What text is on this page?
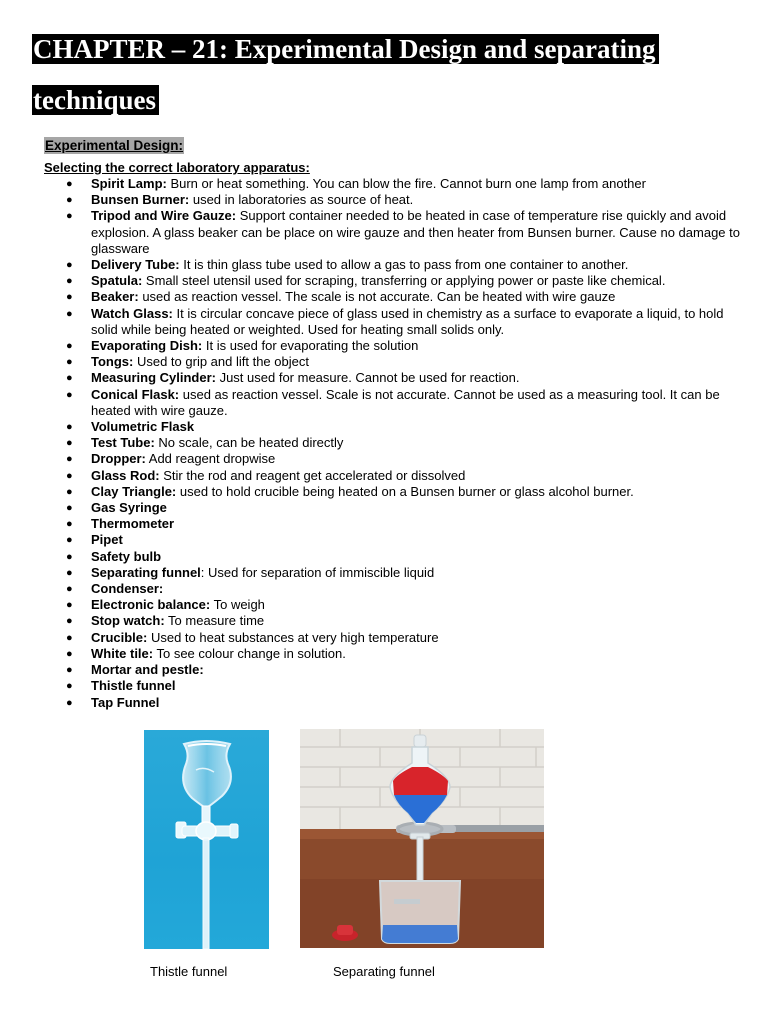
CHAPTER – 21: Experimental Design and separating
techniques
Experimental Design:
Selecting the correct laboratory apparatus:
● Spirit Lamp: Burn or heat something. You can blow the fire. Cannot burn one lamp from another
● Bunsen Burner: used in laboratories as source of heat.
● Tripod and Wire Gauze: Support container needed to be heated in case of temperature rise quickly and avoid explosion. A glass beaker can be place on wire gauze and then heater from Bunsen burner. Cause no damage to glassware
● Delivery Tube: It is thin glass tube used to allow a gas to pass from one container to another.
● Spatula: Small steel utensil used for scraping, transferring or applying power or paste like chemical.
● Beaker: used as reaction vessel. The scale is not accurate. Can be heated with wire gauze
● Watch Glass: It is circular concave piece of glass used in chemistry as a surface to evaporate a liquid, to hold solid while being heated or weighted. Used for heating small solids only.
● Evaporating Dish: It is used for evaporating the solution
● Tongs: Used to grip and lift the object
● Measuring Cylinder: Just used for measure. Cannot be used for reaction.
● Conical Flask: used as reaction vessel. Scale is not accurate. Cannot be used as a measuring tool. It can be heated with wire gauze.
● Volumetric Flask
● Test Tube: No scale, can be heated directly
● Dropper: Add reagent dropwise
● Glass Rod: Stir the rod and reagent get accelerated or dissolved
● Clay Triangle: used to hold crucible being heated on a Bunsen burner or glass alcohol burner.
● Gas Syringe
● Thermometer
● Pipet
● Safety bulb
● Separating funnel: Used for separation of immiscible liquid
● Condenser:
● Electronic balance: To weigh
● Stop watch: To measure time
● Crucible: Used to heat substances at very high temperature
● White tile: To see colour change in solution.
● Mortar and pestle:
● Thistle funnel
● Tap Funnel
Thistle funnel	Separating funnel
